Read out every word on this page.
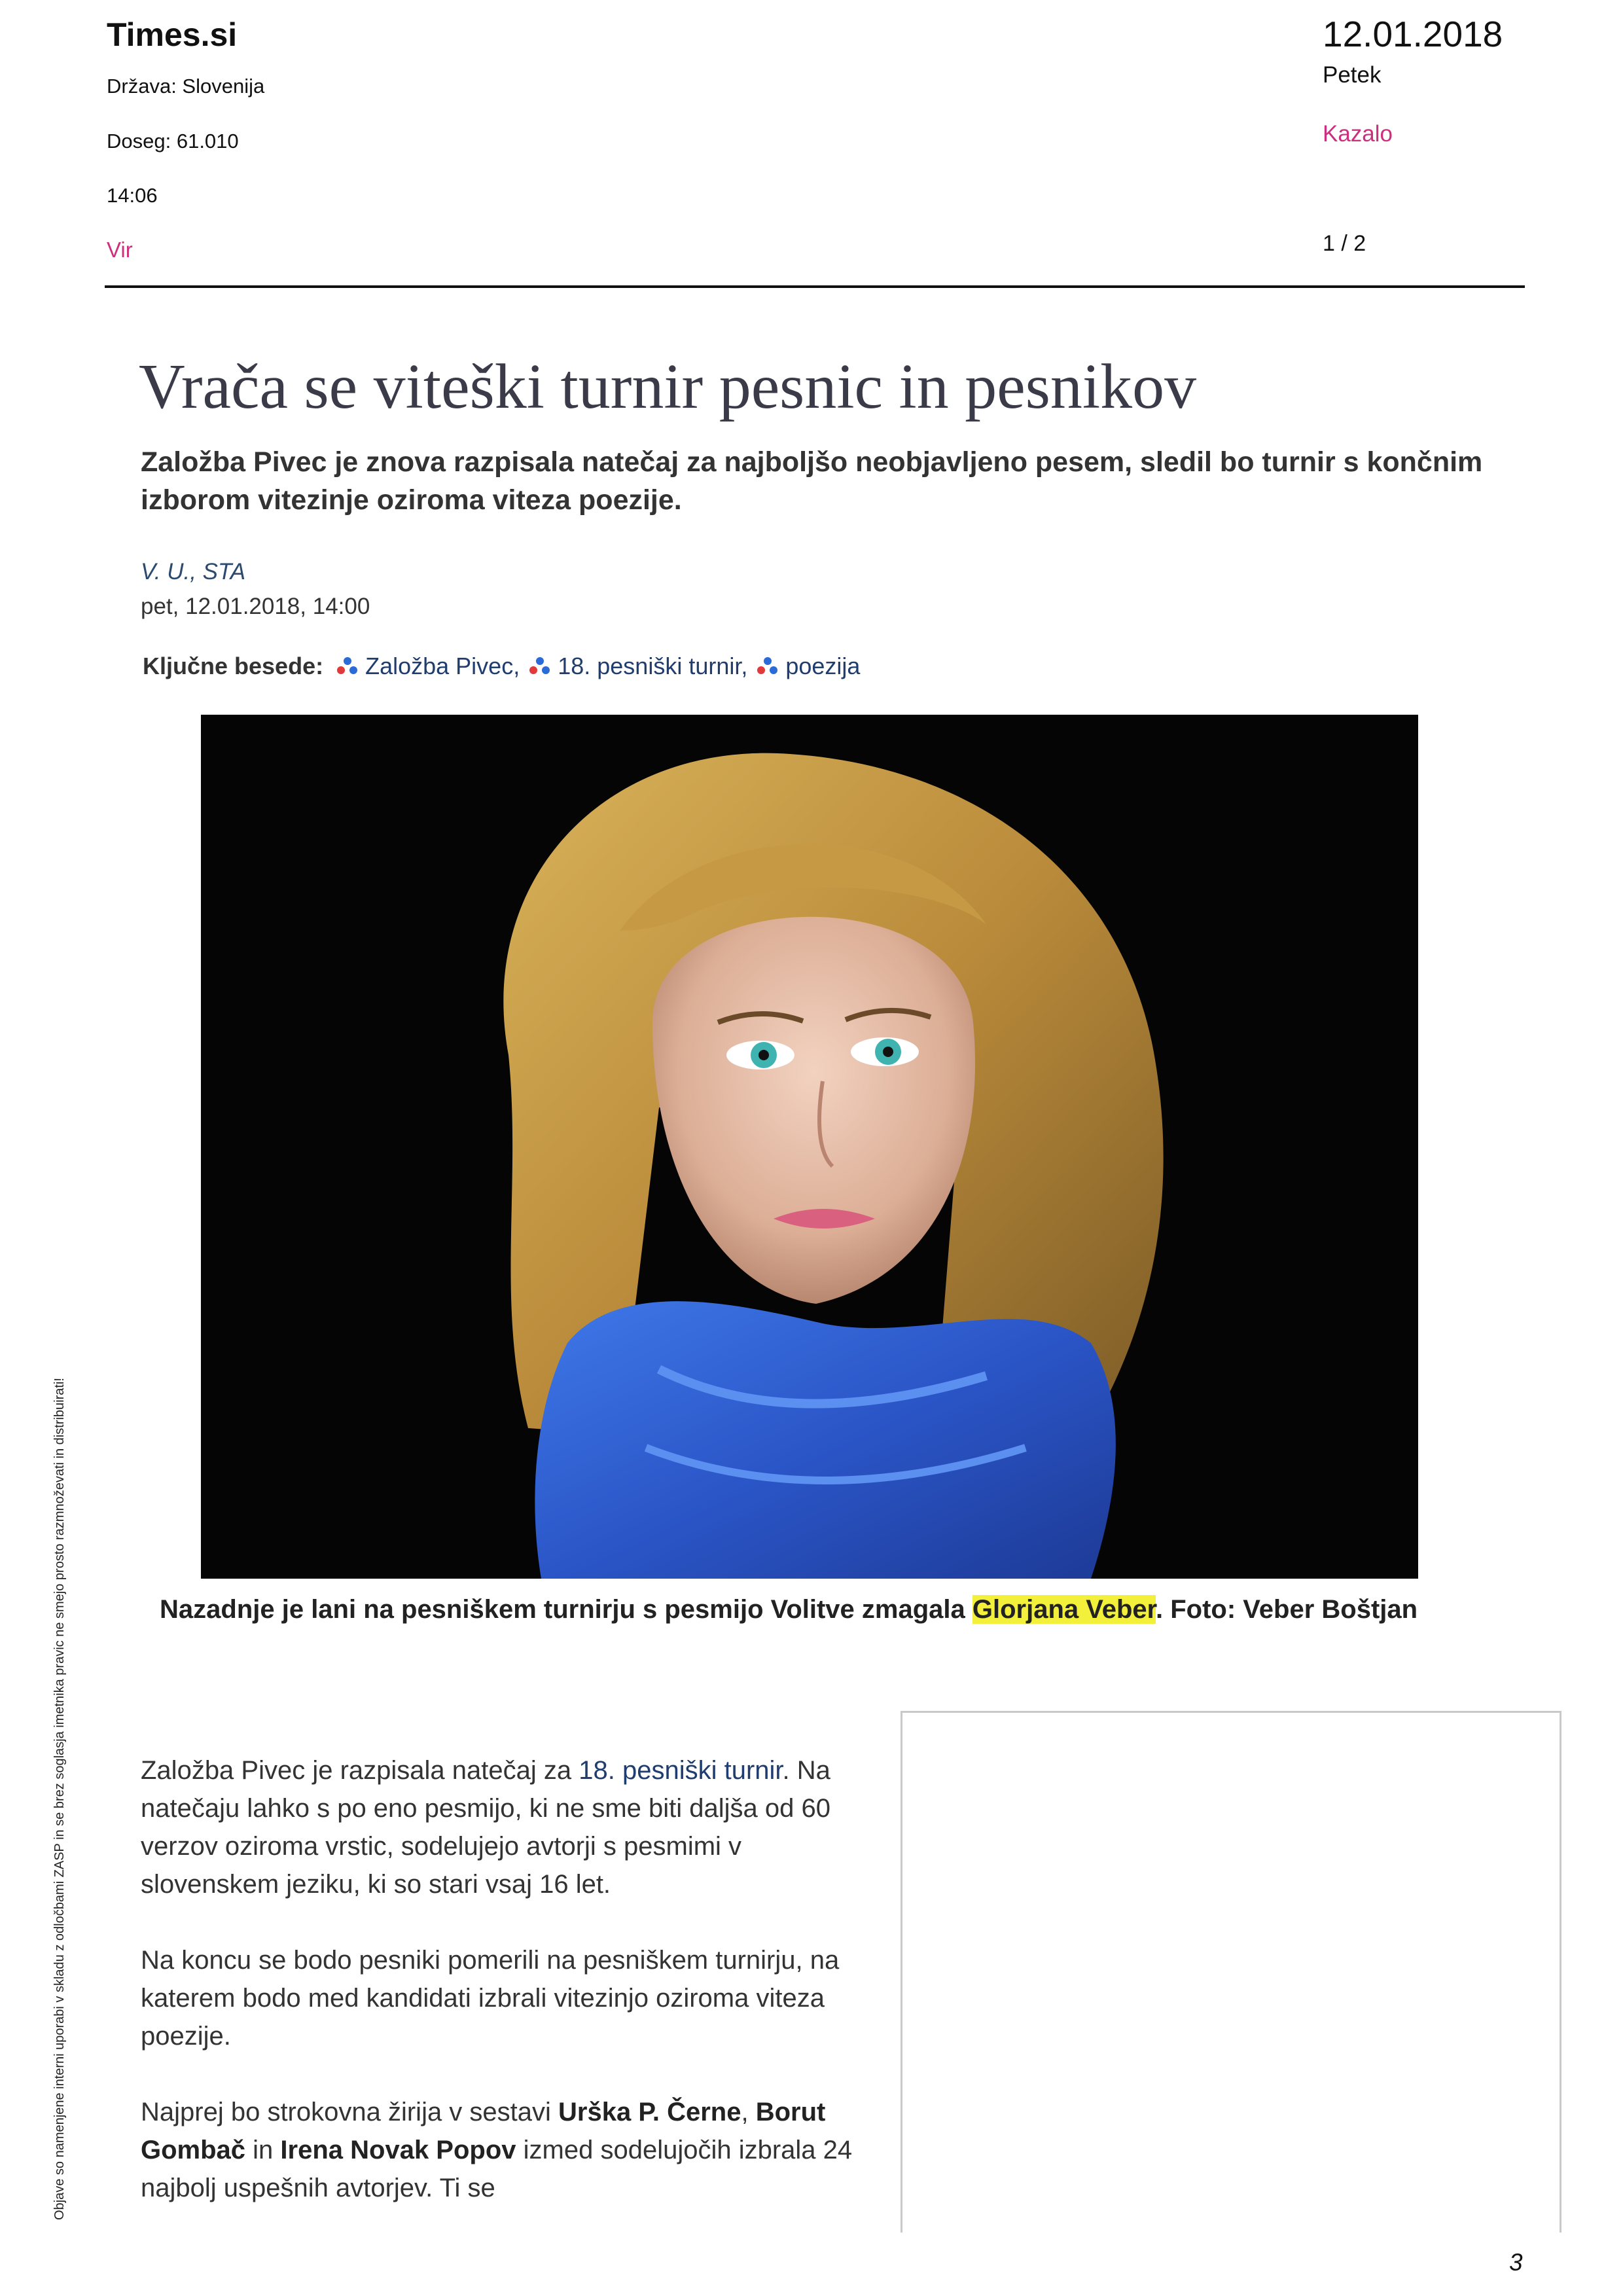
Times.si
Država: Slovenija
Doseg: 61.010
14:06
Vir
12.01.2018
Petek
Kazalo
1 / 2
Vrača se viteški turnir pesnic in pesnikov
Založba Pivec je znova razpisala natečaj za najboljšo neobjavljeno pesem, sledil bo turnir s končnim izborom vitezinje oziroma viteza poezije.
V. U., STA
pet, 12.01.2018, 14:00
Ključne besede: Založba Pivec, 18. pesniški turnir, poezija
Nazadnje je lani na pesniškem turnirju s pesmijo Volitve zmagala Glorjana Veber. Foto: Veber Boštjan

Založba Pivec je razpisala natečaj za 18. pesniški turnir. Na natečaju lahko s po eno pesmijo, ki ne sme biti daljša od 60 verzov oziroma vrstic, sodelujejo avtorji s pesmimi v slovenskem jeziku, ki so stari vsaj 16 let.

Na koncu se bodo pesniki pomerili na pesniškem turnirju, na katerem bodo med kandidati izbrali vitezinjo oziroma viteza poezije.

Najprej bo strokovna žirija v sestavi Urška P. Černe, Borut Gombač in Irena Novak Popov izmed sodelujočih izbrala 24 najbolj uspešnih avtorjev. Ti se

Objave so namenjene interni uporabi v skladu z odločbami ZASP in se brez soglasja imetnika pravic ne smejo prosto razmnoževati in distribuirati!
3
